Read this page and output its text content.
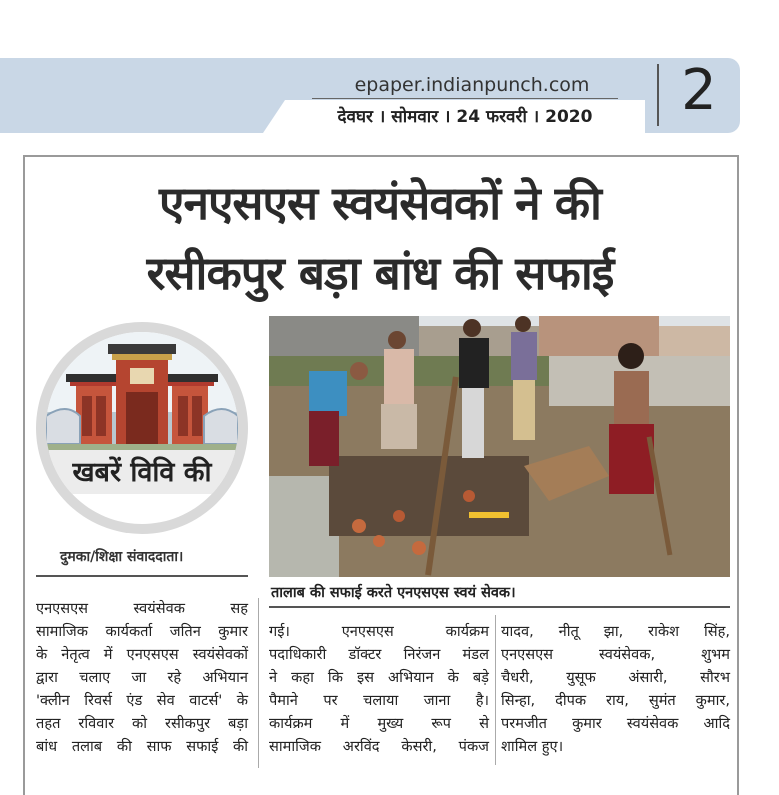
epaper.indianpunch.com
देवघर । सोमवार । 24 फरवरी । 2020	2
एनएसएस स्वयंसेवकों ने की
रसीकपुर बड़ा बांध की सफाई
खबरें विवि की
दुमका/शिक्षा संवाददाता।
तालाब की सफाई करते एनएसएस स्वयं सेवक।
एनएसएस स्वयंसेवक सह
सामाजिक कार्यकर्ता जतिन कुमार
के नेतृत्व में एनएसएस स्वयंसेवकों
द्वारा चलाए जा रहे अभियान
'क्लीन रिवर्स एंड सेव वाटर्स' के
तहत रविवार को रसीकपुर बड़ा
बांध तलाब की साफ सफाई की
गई। एनएसएस कार्यक्रम
पदाधिकारी डॉक्टर निरंजन मंडल
ने कहा कि इस अभियान के बड़े
पैमाने पर चलाया जाना है।
कार्यक्रम में मुख्य रूप से
सामाजिक अरविंद केसरी, पंकज
यादव, नीतू झा, राकेश सिंह,
एनएसएस स्वयंसेवक, शुभम
चैधरी, युसूफ अंसारी, सौरभ
सिन्हा, दीपक राय, सुमंत कुमार,
परमजीत कुमार स्वयंसेवक आदि
शामिल हुए।
